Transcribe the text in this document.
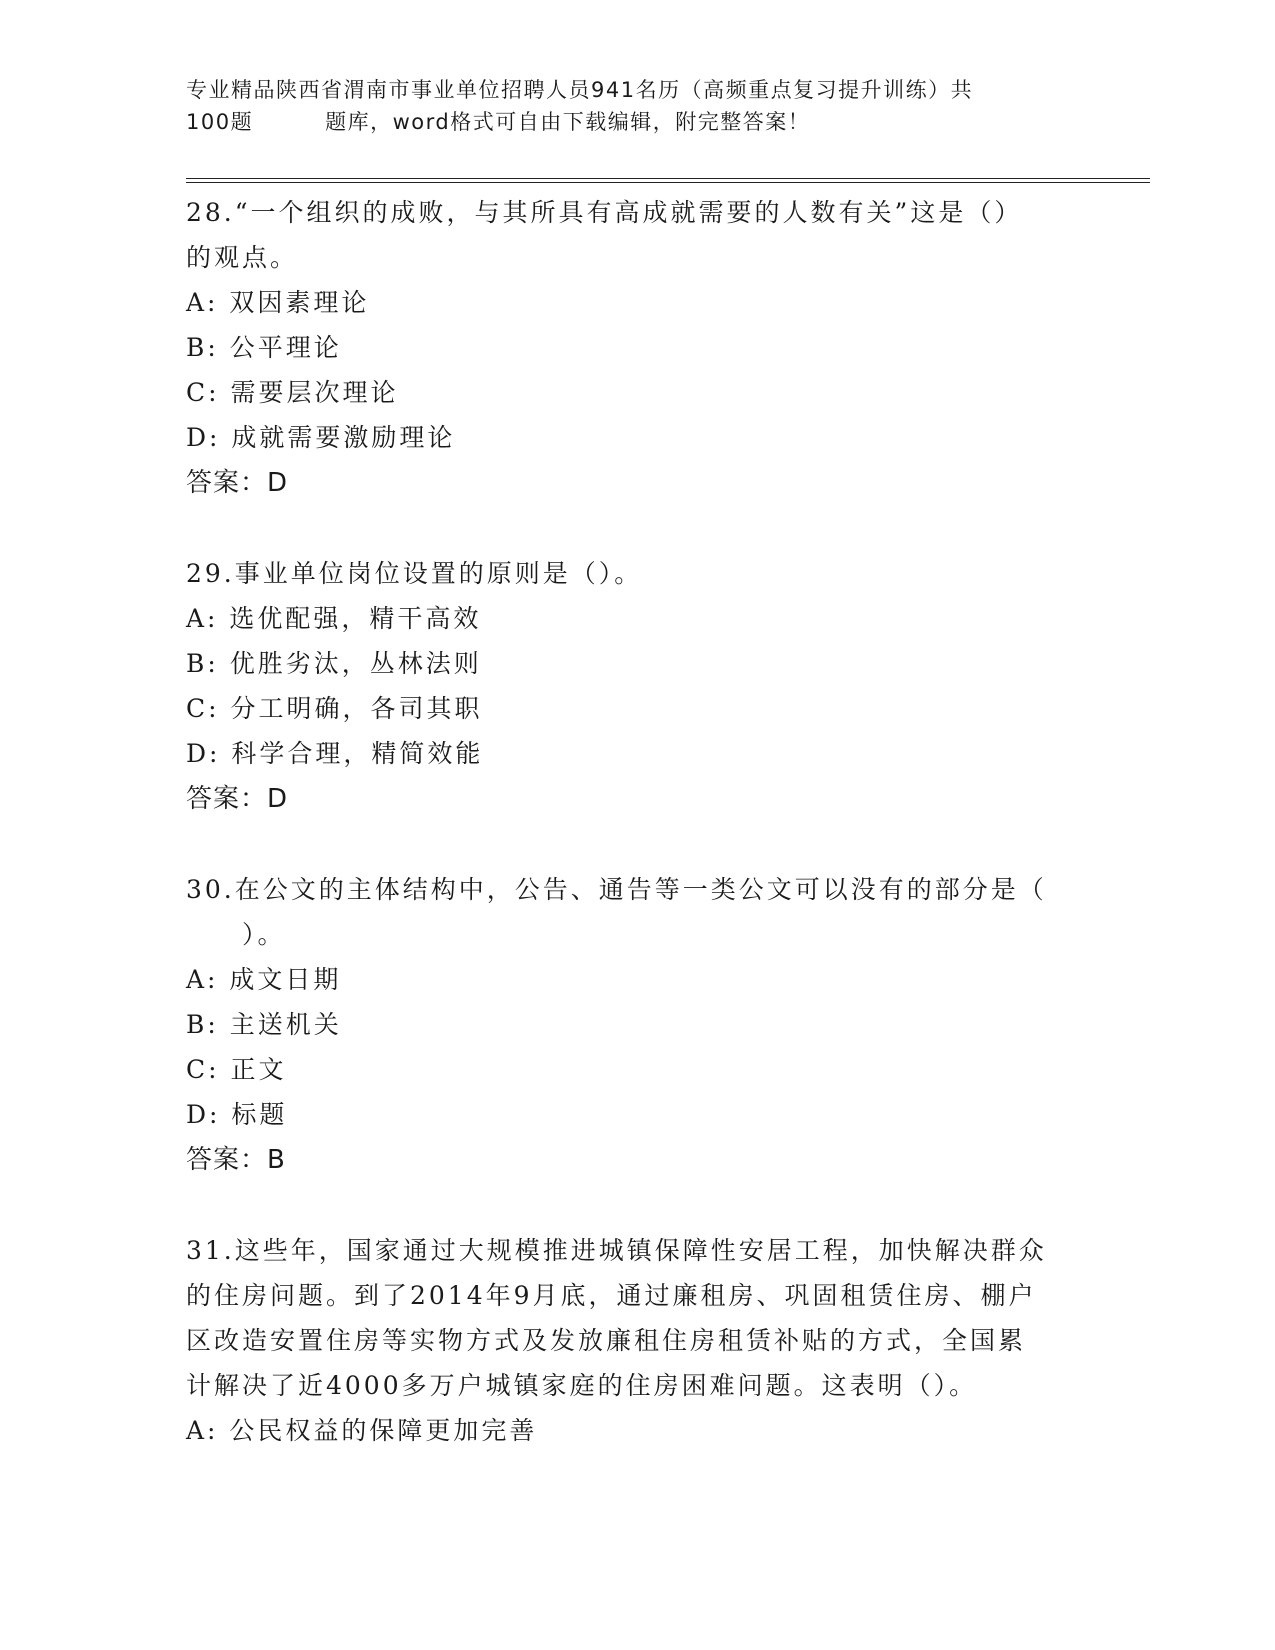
专业精品陕西省渭南市事业单位招聘人员941名历（高频重点复习提升训练）共
100题	题库，word格式可自由下载编辑，附完整答案！

28.“一个组织的成败，与其所具有高成就需要的人数有关”这是（）

的观点。

A: 双因素理论

B: 公平理论

C: 需要层次理论

D: 成就需要激励理论

答案：D

29.事业单位岗位设置的原则是（）。

A: 选优配强，精干高效

B: 优胜劣汰，丛林法则

C: 分工明确，各司其职

D: 科学合理，精简效能

答案：D

30.在公文的主体结构中，公告、通告等一类公文可以没有的部分是（

　　）。

A: 成文日期

B: 主送机关

C: 正文

D: 标题

答案：B

31.这些年，国家通过大规模推进城镇保障性安居工程，加快解决群众

的住房问题。到了2014年9月底，通过廉租房、巩固租赁住房、棚户

区改造安置住房等实物方式及发放廉租住房租赁补贴的方式，全国累

计解决了近4000多万户城镇家庭的住房困难问题。这表明（）。

A: 公民权益的保障更加完善
